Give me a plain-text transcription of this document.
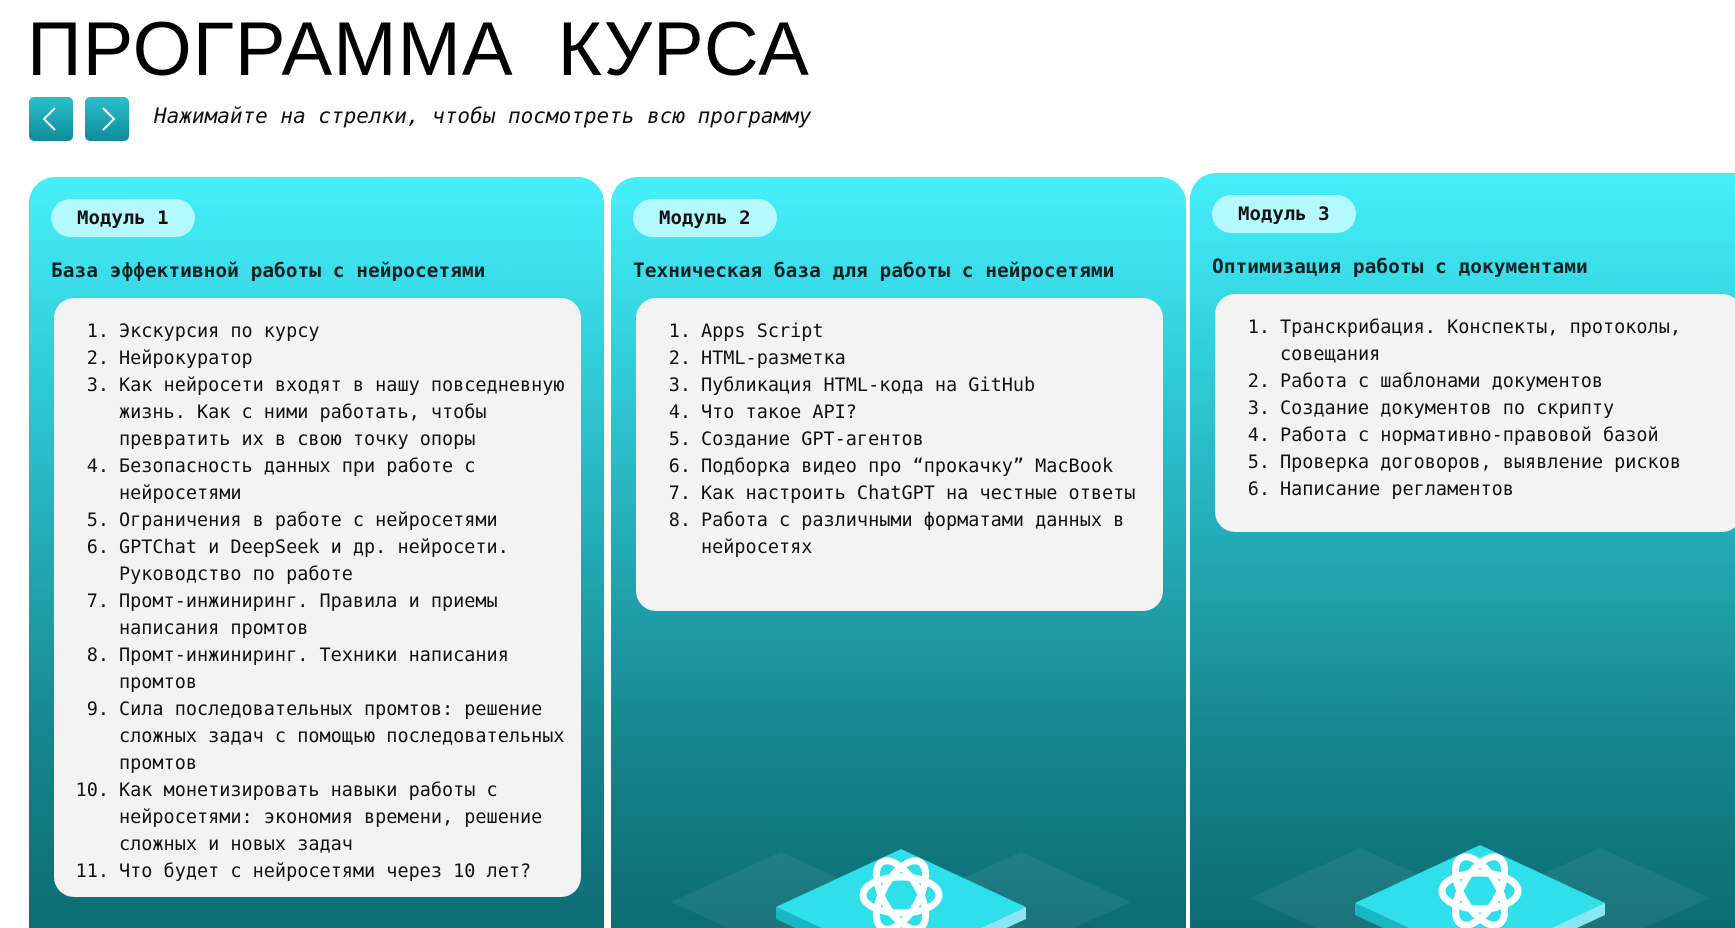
ПРОГРАММА КУРСА
Нажимайте на стрелки, чтобы посмотреть всю программу
Модуль 1
База эффективной работы с нейросетями
1. Экскурсия по курсу
2. Нейрокуратор
3. Как нейросети входят в нашу повседневную жизнь. Как с ними работать, чтобы превратить их в свою точку опоры
4. Безопасность данных при работе с нейросетями
5. Ограничения в работе с нейросетями
6. GPTChat и DeepSeek и др. нейросети. Руководство по работе
7. Промт-инжиниринг. Правила и приемы написания промтов
8. Промт-инжиниринг. Техники написания промтов
9. Сила последовательных промтов: решение сложных задач с помощью последовательных промтов
10. Как монетизировать навыки работы с нейросетями: экономия времени, решение сложных и новых задач
11. Что будет с нейросетями через 10 лет?
Модуль 2
Техническая база для работы с нейросетями
1. Apps Script
2. HTML-разметка
3. Публикация HTML-кода на GitHub
4. Что такое API?
5. Создание GPT-агентов
6. Подборка видео про “прокачку” MacBook
7. Как настроить ChatGPT на честные ответы
8. Работа с различными форматами данных в нейросетях
Модуль 3
Оптимизация работы с документами
1. Транскрибация. Конспекты, протоколы, совещания
2. Работа с шаблонами документов
3. Создание документов по скрипту
4. Работа с нормативно-правовой базой
5. Проверка договоров, выявление рисков
6. Написание регламентов
